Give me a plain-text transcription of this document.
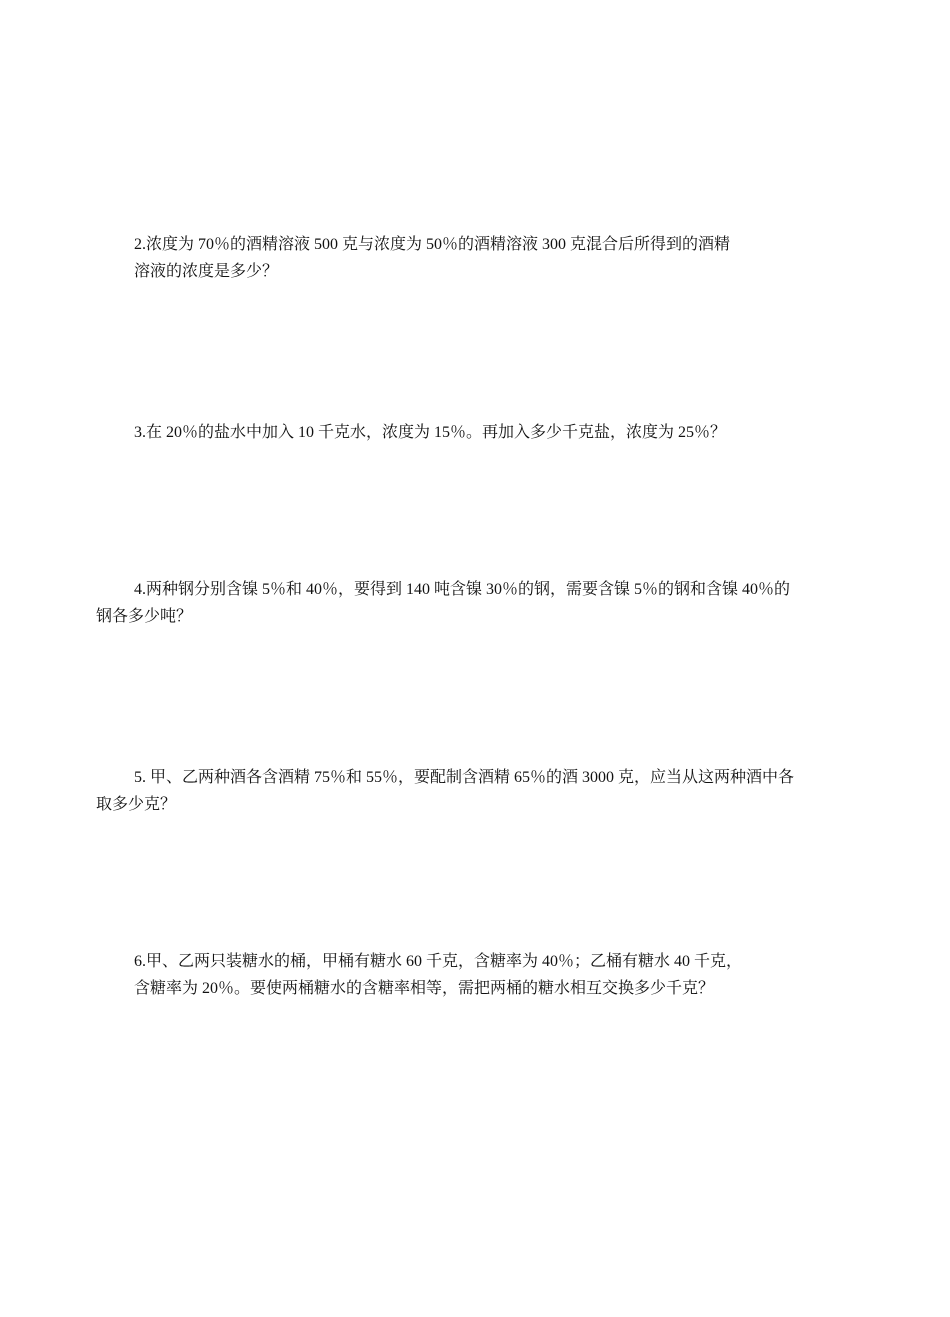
2.浓度为 70％的酒精溶液 500 克与浓度为 50％的酒精溶液 300 克混合后所得到的酒精
溶液的浓度是多少？
3.在 20％的盐水中加入 10 千克水，浓度为 15％。再加入多少千克盐，浓度为 25％？
4.两种钢分别含镍 5％和 40％，要得到 140 吨含镍 30％的钢，需要含镍 5％的钢和含镍 40％的
钢各多少吨？
5. 甲、乙两种酒各含酒精 75％和 55％，要配制含酒精 65％的酒 3000 克，应当从这两种酒中各
取多少克？
6.甲、乙两只装糖水的桶，甲桶有糖水 60 千克，含糖率为 40％；乙桶有糖水 40 千克，
含糖率为 20％。要使两桶糖水的含糖率相等，需把两桶的糖水相互交换多少千克？
